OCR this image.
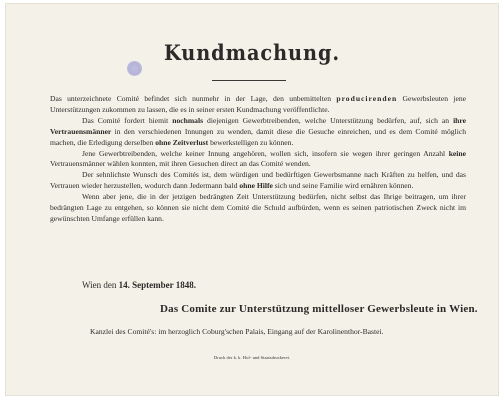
Kundmachung.

Das unterzeichnete Comité befindet sich nunmehr in der Lage, den unbemittelten producirenden Gewerbsleuten jene Unterstützungen zukommen zu lassen, die es in seiner ersten Kundmachung veröffentlichte.

Das Comité fordert hiemit nochmals diejenigen Gewerbtreibenden, welche Unterstützung bedürfen, auf, sich an ihre Vertrauensmänner in den verschiedenen Innungen zu wenden, damit diese die Gesuche einreichen, und es dem Comité möglich machen, die Erledigung derselben ohne Zeitverlust bewerkstelligen zu können.

Jene Gewerbtreibenden, welche keiner Innung angehören, wollen sich, insofern sie wegen ihrer geringen Anzahl keine Vertrauensmänner wählen konnten, mit ihren Gesuchen direct an das Comité wenden.

Der sehnlichste Wunsch des Comités ist, dem würdigen und bedürftigen Gewerbsmanne nach Kräften zu helfen, und das Vertrauen wieder herzustellen, wodurch dann Jedermann bald ohne Hilfe sich und seine Familie wird ernähren können.

Wenn aber jene, die in der jetzigen bedrängten Zeit Unterstützung bedürfen, nicht selbst das Ihrige beitragen, um ihrer bedrängten Lage zu entgehen, so können sie nicht dem Comité die Schuld aufbürden, wenn es seinen patriotischen Zweck nicht im gewünschten Umfange erfüllen kann.

Wien den 14. September 1848.
Das Comite zur Unterstützung mittelloser Gewerbsleute in Wien.
Kanzlei des Comité's: im herzoglich Coburg'schen Palais, Eingang auf der Karolinenthor-Bastei.
Druck der k. k. Hof- und Staatsdruckerei.
